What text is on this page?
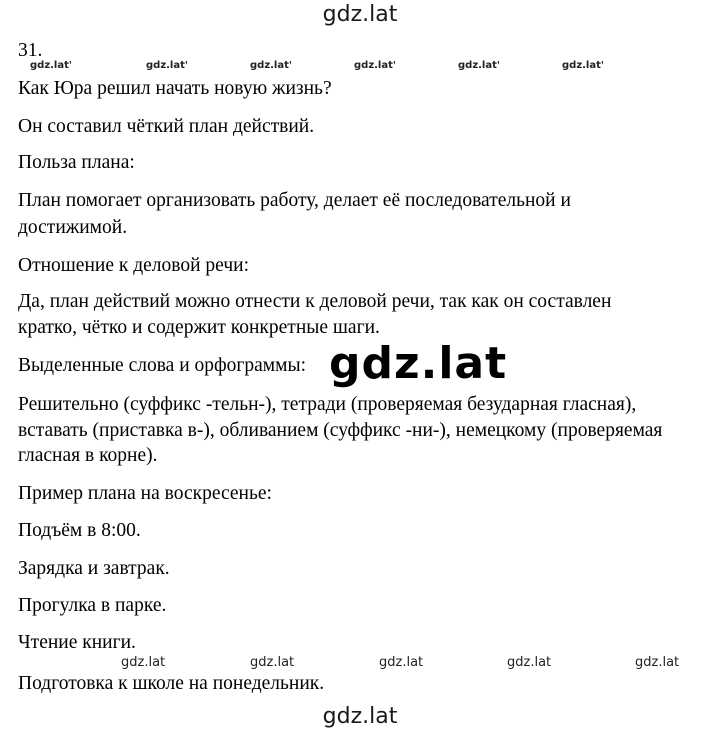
gdz.lat
gdz.lat'	gdz.lat'	gdz.lat'	gdz.lat'	gdz.lat'	gdz.lat'
31.
Как Юра решил начать новую жизнь?
Он составил чёткий план действий.
Польза плана:
План помогает организовать работу, делает её последовательной и
достижимой.
Отношение к деловой речи:
Да, план действий можно отнести к деловой речи, так как он составлен
кратко, чётко и содержит конкретные шаги.
Выделенные слова и орфограммы:
Решительно (суффикс -тельн-), тетради (проверяемая безударная гласная),
вставать (приставка в-), обливанием (суффикс -ни-), немецкому (проверяемая
гласная в корне).
Пример плана на воскресенье:
Подъём в 8:00.
Зарядка и завтрак.
Прогулка в парке.
Чтение книги.
Подготовка к школе на понедельник.
gdz.lat
gdz.lat	gdz.lat	gdz.lat	gdz.lat	gdz.lat
gdz.lat
